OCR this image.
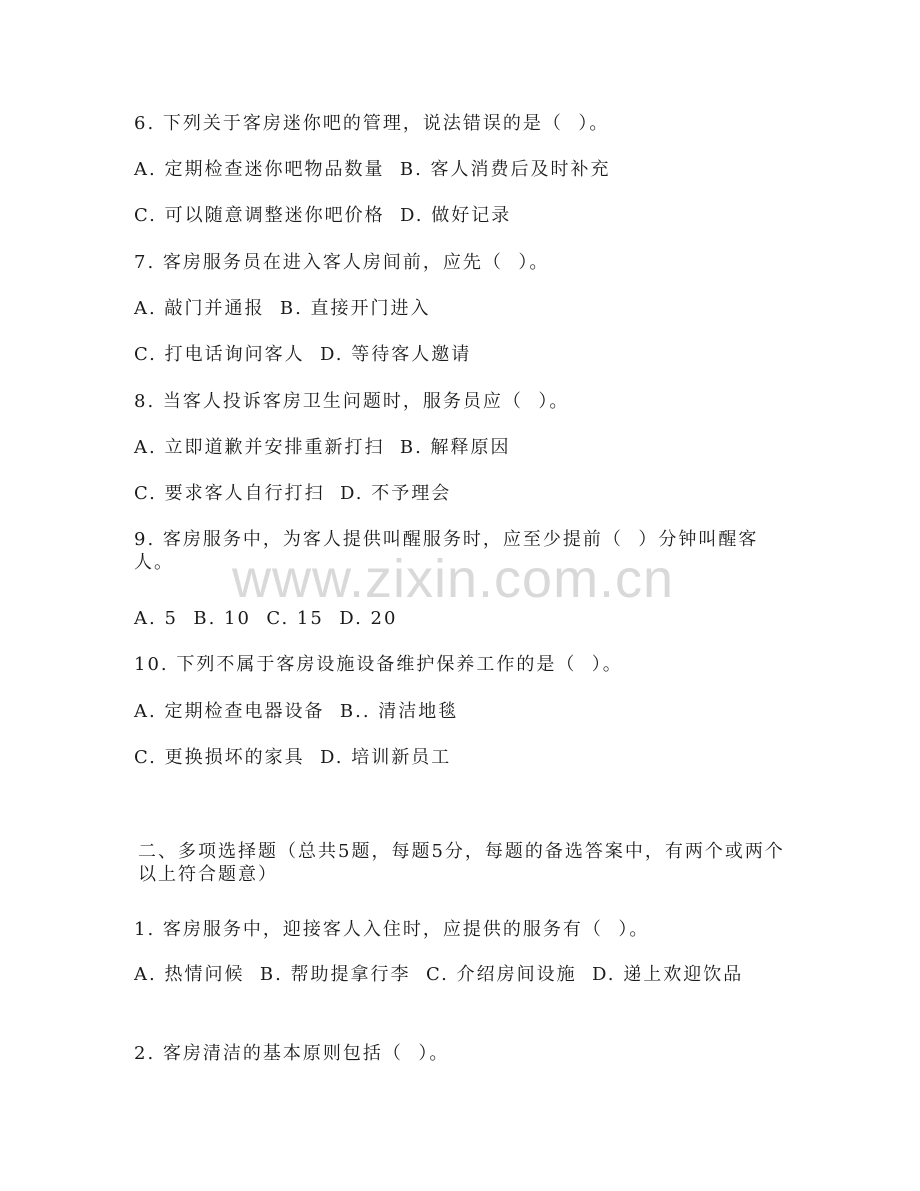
www.zixin.com.cn
6. 下列关于客房迷你吧的管理，说法错误的是（  ）。
A. 定期检查迷你吧物品数量  B. 客人消费后及时补充
C. 可以随意调整迷你吧价格  D. 做好记录
7. 客房服务员在进入客人房间前，应先（  ）。
A. 敲门并通报  B. 直接开门进入
C. 打电话询问客人  D. 等待客人邀请
8. 当客人投诉客房卫生问题时，服务员应（  ）。
A. 立即道歉并安排重新打扫  B. 解释原因
C. 要求客人自行打扫  D. 不予理会
9. 客房服务中，为客人提供叫醒服务时，应至少提前（  ）分钟叫醒客人。
A. 5  B. 10  C. 15  D. 20
10. 下列不属于客房设施设备维护保养工作的是（  ）。
A. 定期检查电器设备  B.. 清洁地毯
C. 更换损坏的家具  D. 培训新员工
二、多项选择题（总共5题，每题5分，每题的备选答案中，有两个或两个以上符合题意）
1. 客房服务中，迎接客人入住时，应提供的服务有（  ）。
A. 热情问候  B. 帮助提拿行李  C. 介绍房间设施  D. 递上欢迎饮品
2. 客房清洁的基本原则包括（  ）。
